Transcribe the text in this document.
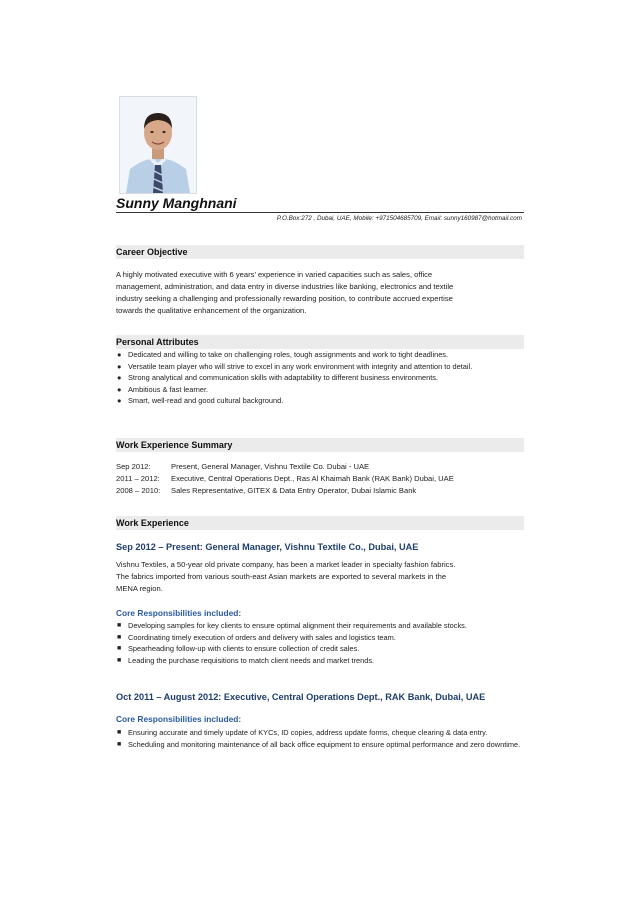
Sunny Manghnani
P.O.Box:272 , Dubai, UAE, Mobile: +971504685709, Email: sunny160987@hotmail.com
Career Objective

A highly motivated executive with 6 years’ experience in varied capacities such as sales, office

management, administration, and data entry in diverse industries like banking, electronics and textile

industry seeking a challenging and professionally rewarding position, to contribute accrued expertise

towards the qualitative enhancement of the organization.

Personal Attributes
● Dedicated and willing to take on challenging roles, tough assignments and work to tight deadlines.
● Versatile team player who will strive to excel in any work environment with integrity and attention to detail.
● Strong analytical and communication skills with adaptability to different business environments.
● Ambitious & fast learner.
● Smart, well-read and good cultural background.
Work Experience Summary
Sep 2012:	Present, General Manager, Vishnu Textile Co. Dubai - UAE
2011 – 2012:	Executive, Central Operations Dept., Ras Al Khaimah Bank (RAK Bank) Dubai, UAE
2008 – 2010:	Sales Representative, GITEX & Data Entry Operator, Dubai Islamic Bank
Work Experience
Sep 2012 – Present: General Manager, Vishnu Textile Co., Dubai, UAE

Vishnu Textiles, a 50-year old private company, has been a market leader in specialty fashion fabrics.

The fabrics imported from various south-east Asian markets are exported to several markets in the

MENA region.

Core Responsibilities included:
■ Developing samples for key clients to ensure optimal alignment their requirements and available stocks.
■ Coordinating timely execution of orders and delivery with sales and logistics team.
■ Spearheading follow-up with clients to ensure collection of credit sales.
■ Leading the purchase requisitions to match client needs and market trends.
Oct 2011 – August 2012: Executive, Central Operations Dept., RAK Bank, Dubai, UAE
Core Responsibilities included:
■ Ensuring accurate and timely update of KYCs, ID copies, address update forms, cheque clearing & data entry.
■ Scheduling and monitoring maintenance of all back office equipment to ensure optimal performance and zero downtime.
